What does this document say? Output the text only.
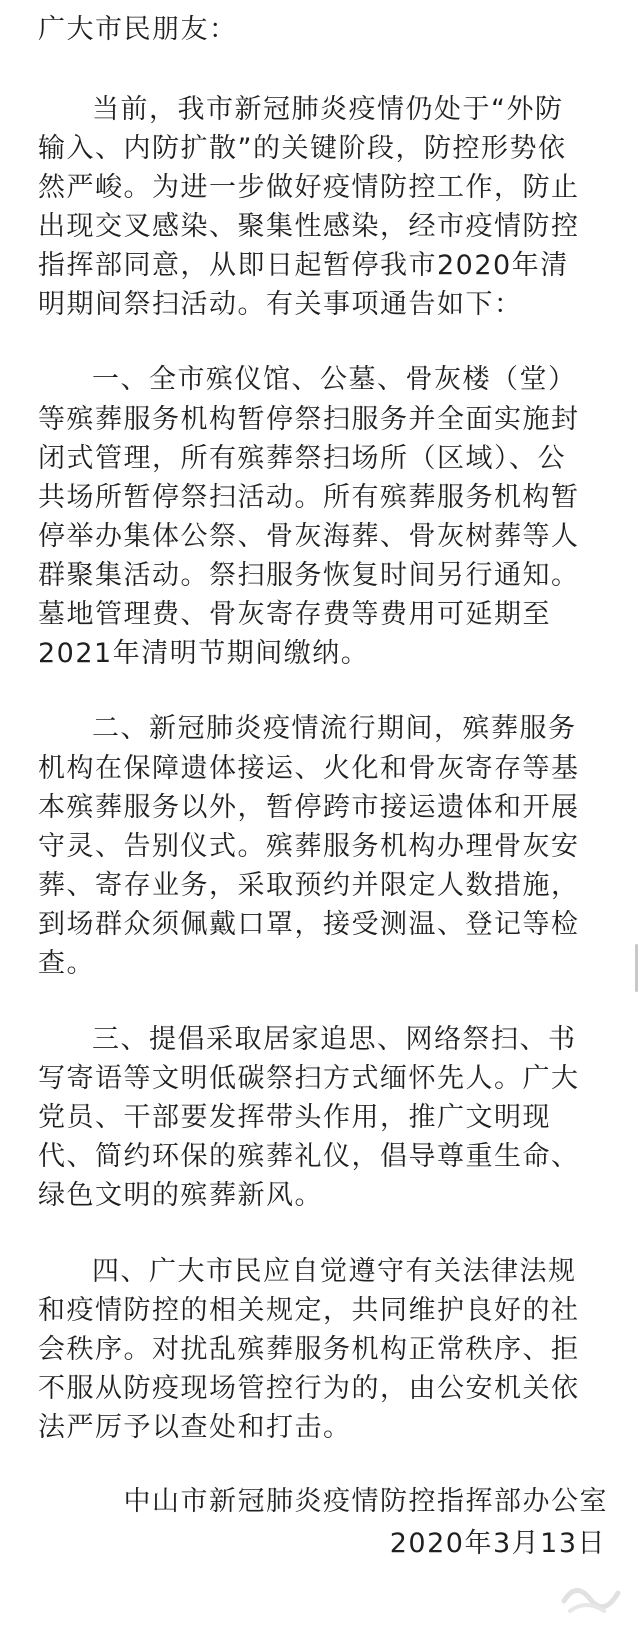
广大市民朋友：
当前，我市新冠肺炎疫情仍处于“外防
输入、内防扩散”的关键阶段，防控形势依
然严峻。为进一步做好疫情防控工作，防止
出现交叉感染、聚集性感染，经市疫情防控
指挥部同意，从即日起暂停我市2020年清
明期间祭扫活动。有关事项通告如下：
一、全市殡仪馆、公墓、骨灰楼（堂）
等殡葬服务机构暂停祭扫服务并全面实施封
闭式管理，所有殡葬祭扫场所（区域）、公
共场所暂停祭扫活动。所有殡葬服务机构暂
停举办集体公祭、骨灰海葬、骨灰树葬等人
群聚集活动。祭扫服务恢复时间另行通知。
墓地管理费、骨灰寄存费等费用可延期至
2021年清明节期间缴纳。
二、新冠肺炎疫情流行期间，殡葬服务
机构在保障遗体接运、火化和骨灰寄存等基
本殡葬服务以外，暂停跨市接运遗体和开展
守灵、告别仪式。殡葬服务机构办理骨灰安
葬、寄存业务，采取预约并限定人数措施，
到场群众须佩戴口罩，接受测温、登记等检
查。
三、提倡采取居家追思、网络祭扫、书
写寄语等文明低碳祭扫方式缅怀先人。广大
党员、干部要发挥带头作用，推广文明现
代、简约环保的殡葬礼仪，倡导尊重生命、
绿色文明的殡葬新风。
四、广大市民应自觉遵守有关法律法规
和疫情防控的相关规定，共同维护良好的社
会秩序。对扰乱殡葬服务机构正常秩序、拒
不服从防疫现场管控行为的，由公安机关依
法严厉予以查处和打击。
中山市新冠肺炎疫情防控指挥部办公室
2020年3月13日
